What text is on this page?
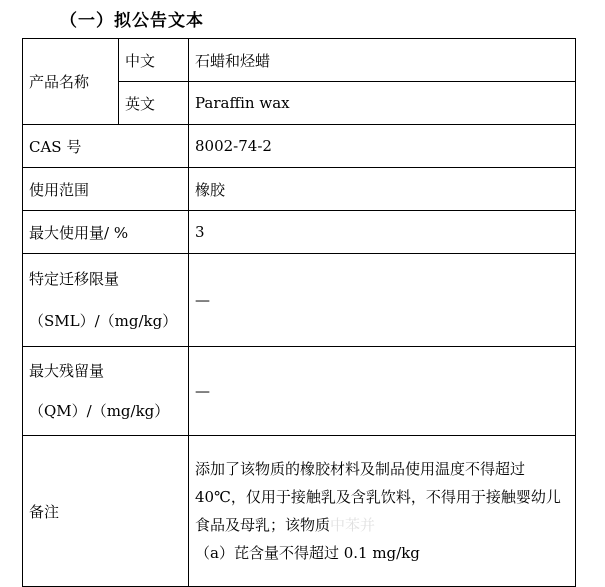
（一）拟公告文本
产品名称	中文	石蜡和烃蜡
	英文	Paraffin wax
CAS 号		8002-74-2
使用范围		橡胶
最大使用量/ %		3

特定迁移限量
（SML）/（mg/kg）		—

最大残留量
（QM）/（mg/kg）		—
备注		添加了该物质的橡胶材料及制品使用温度不得超过 40℃，仅用于接触乳及含乳饮料，不得用于接触婴幼儿食品及母乳；该物质中苯并
（a）芘含量不得超过 0.1 mg/kg
